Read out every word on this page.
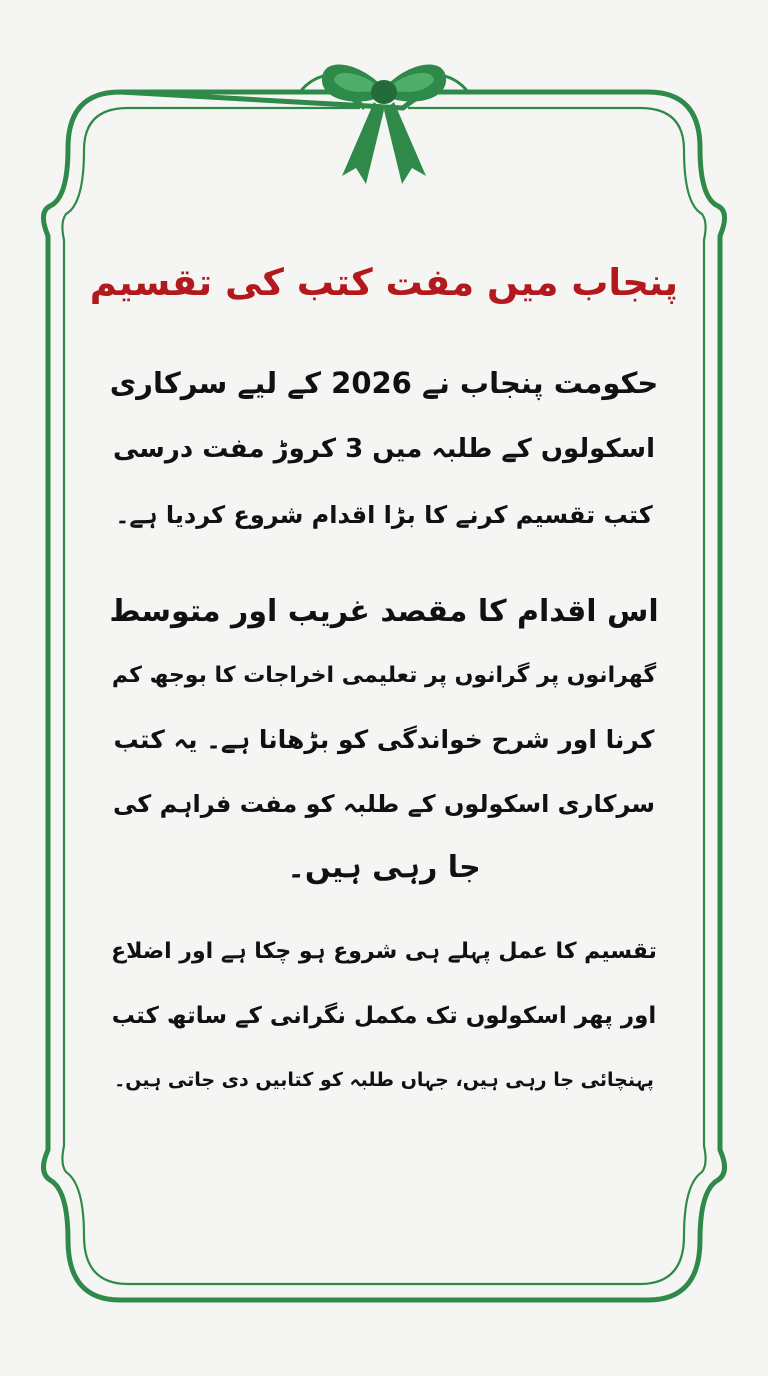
پنجاب میں مفت کتب کی تقسیم
حکومت پنجاب نے 2026 کے لیے سرکاری
اسکولوں کے طلبہ میں 3 کروڑ مفت درسی
کتب تقسیم کرنے کا بڑا اقدام شروع کردیا ہے۔
اس اقدام کا مقصد غریب اور متوسط
گھرانوں پر گرانوں پر تعلیمی اخراجات کا بوجھ کم
کرنا اور شرح خواندگی کو بڑھانا ہے۔ یہ کتب
سرکاری اسکولوں کے طلبہ کو مفت فراہم کی
جا رہی ہیں۔
تقسیم کا عمل پہلے ہی شروع ہو چکا ہے اور اضلاع
اور پھر اسکولوں تک مکمل نگرانی کے ساتھ کتب
پہنچائی جا رہی ہیں، جہاں طلبہ کو کتابیں دی جاتی ہیں۔
